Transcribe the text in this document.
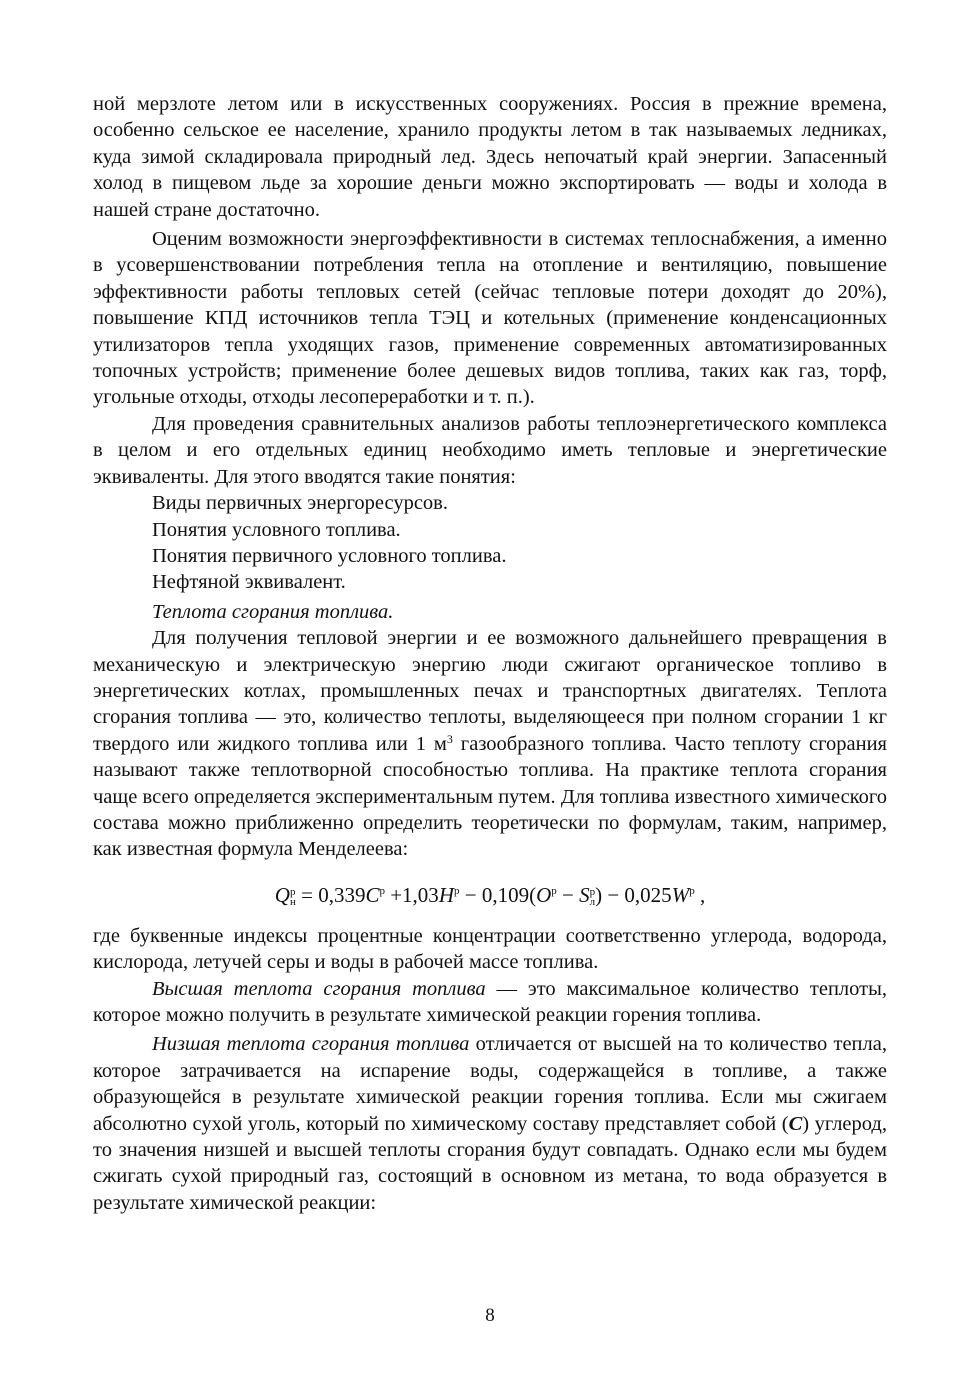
ной мерзлоте летом или в искусственных сооружениях. Россия в прежние времена, особенно сельское ее население, хранило продукты летом в так называемых ледниках, куда зимой складировала природный лед. Здесь непочатый край энергии. Запасенный холод в пищевом льде за хорошие деньги можно экспортировать — воды и холода в нашей стране достаточно.

Оценим возможности энергоэффективности в системах теплоснабжения, а именно в усовершенствовании потребления тепла на отопление и вентиляцию, повышение эффективности работы тепловых сетей (сейчас тепловые потери доходят до 20%), повышение КПД источников тепла ТЭЦ и котельных (применение конденсационных утилизаторов тепла уходящих газов, применение современных автоматизированных топочных устройств; применение более дешевых видов топлива, таких как газ, торф, угольные отходы, отходы лесопереработки и т. п.).

Для проведения сравнительных анализов работы теплоэнергетического комплекса в целом и его отдельных единиц необходимо иметь тепловые и энергетические эквиваленты. Для этого вводятся такие понятия:

Виды первичных энергоресурсов.

Понятия условного топлива.

Понятия первичного условного топлива.

Нефтяной эквивалент.

Теплота сгорания топлива.

Для получения тепловой энергии и ее возможного дальнейшего превращения в механическую и электрическую энергию люди сжигают органическое топливо в энергетических котлах, промышленных печах и транспортных двигателях. Теплота сгорания топлива — это, количество теплоты, выделяющееся при полном сгорании 1 кг твердого или жидкого топлива или 1 $м^3$ газообразного топлива. Часто теплоту сгорания называют также теплотворной способностью топлива. На практике теплота сгорания чаще всего определяется экспериментальным путем. Для топлива известного химического состава можно приближенно определить теоретически по формулам, таким, например, как известная формула Менделеева:

Q р
$н = 0,339C^р +1,03H^р - 0,109(O^р - S$ р
л ) − $0,025W^р$ ,

где буквенные индексы процентные концентрации соответственно углерода, водорода, кислорода, летучей серы и воды в рабочей массе топлива.

Высшая теплота сгорания топлива — это максимальное количество теплоты, которое можно получить в результате химической реакции горения топлива.

Низшая теплота сгорания топлива отличается от высшей на то количество тепла, которое затрачивается на испарение воды, содержащейся в топливе, а также образующейся в результате химической реакции горения топлива. Если мы сжигаем абсолютно сухой уголь, который по химическому составу представляет собой (C) углерод, то значения низшей и высшей теплоты сгорания будут совпадать. Однако если мы будем сжигать сухой природный газ, состоящий в основном из метана, то вода образуется в результате химической реакции:

8
